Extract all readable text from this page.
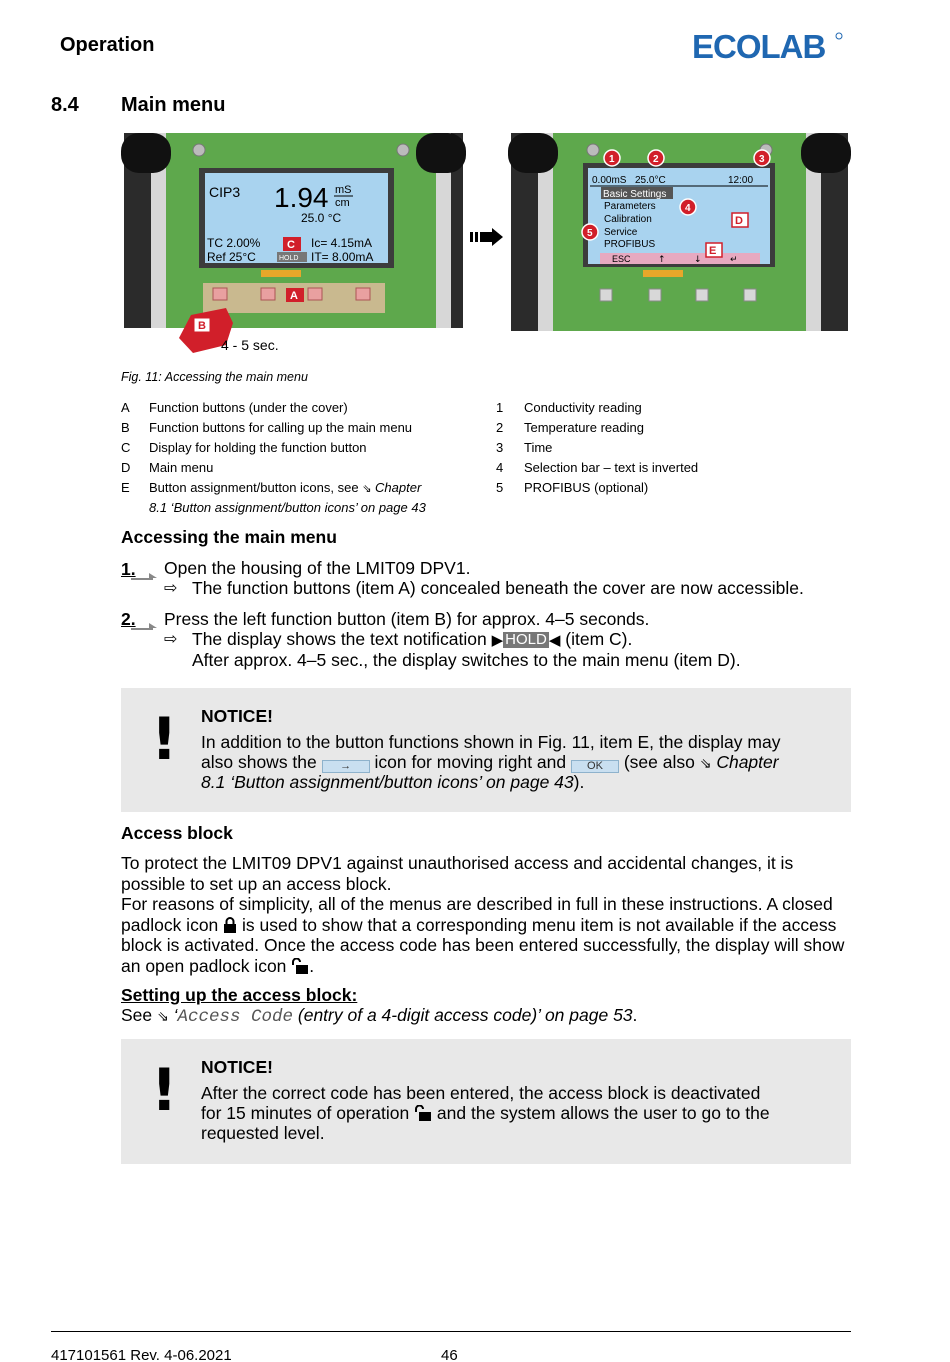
Operation	ECOLAB
8.4 Main menu
CIP3 1.94 mS
cm
25.0 °C
TC 2.00%
Ref 25°C	HOLD
Ic= 4.15mA
IT= 8.00mA
C
A
B
4 - 5 sec.
0.00mS 25.0°C	12:00
Basic Settings
Parameters
Calibration
Service
PROFIBUS
ESC	↑	↓	↵
1	2	3
4
5
D
E
Fig. 11: Accessing the main menu
A Function buttons (under the cover)
B Function buttons for calling up the main menu
C Display for holding the function button
D Main menu
E Button assignment/button icons, see ⇘ Chapter
8.1 ‘Button assignment/button icons’ on page 43
1 Conductivity reading
2 Temperature reading
3 Time
4 Selection bar – text is inverted
5 PROFIBUS (optional)
Accessing the main menu
1. Open the housing of the LMIT09 DPV1.
⇨ The function buttons (item A) concealed beneath the cover are now accessible.
2. Press the left function button (item B) for approx. 4–5 seconds.
⇨ The display shows the text notification ▶ HOLD ◀ (item C).
After approx. 4–5 sec., the display switches to the main menu (item D).
! NOTICE!
In addition to the button functions shown in Fig. 11, item E, the display may
also shows the → icon for moving right and OK (see also ⇘ Chapter
8.1 ‘Button assignment/button icons’ on page 43).
Access block
To protect the LMIT09 DPV1 against unauthorised access and accidental changes, it is possible to set up an access block.
For reasons of simplicity, all of the menus are described in full in these instructions. A closed padlock icon  is used to show that a corresponding menu item is not available if the access block is activated. Once the access code has been entered successfully, the display will show an open padlock icon .
Setting up the access block:
See ⇘ ‘Access Code (entry of a 4-digit access code)’ on page 53.
! NOTICE!
After the correct code has been entered, the access block is deactivated
for 15 minutes of operation  and the system allows the user to go to the
requested level.
417101561 Rev. 4-06.2021	46
